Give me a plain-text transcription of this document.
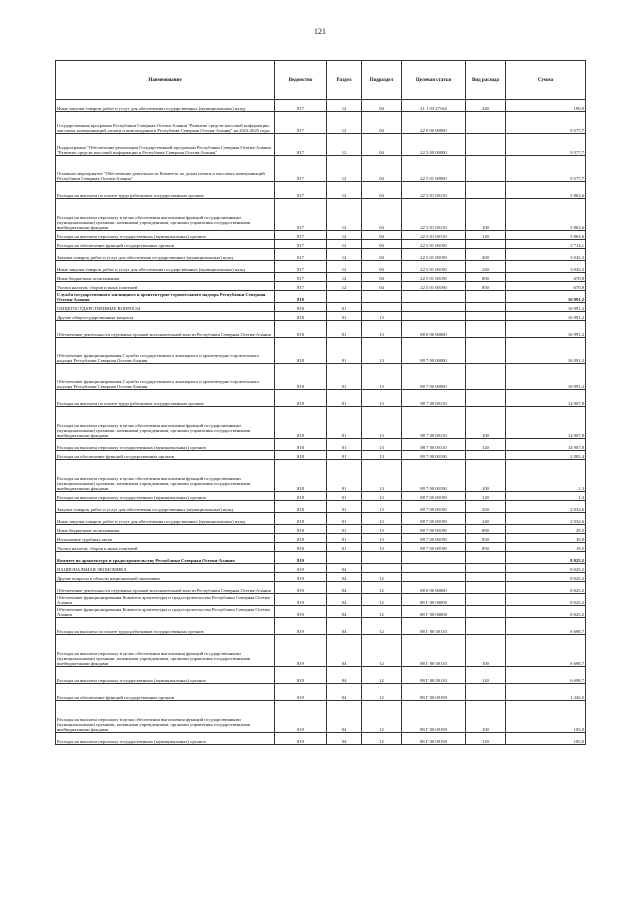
121
Наименование	Ведомство	Раздел	Подраздел	Целевая статья	Вид расхода	Сумма
Иные закупки товаров, работ и услуг для обеспечения государственных (муниципальных) нужд	817	12	04	21 1 03 27164	240	190,0
Государственная программа Республики Северная Осетия-Алания "Развитие средств массовой информации, массовых коммуникаций, печати и книгоиздания в Республике Северная Осетия-Алания" на 2023-2025 годы	817	12	04	22 0 00 00000		9 577,7
Подпрограмма "Обеспечение реализации Государственной программы Республики Северная Осетия-Алания "Развитие средств массовой информации в Республике Северная Осетия-Алания"	817	12	04	22 5 00 00000		9 577,7
Основное мероприятие "Обеспечение деятельности Комитета по делам печати и массовых коммуникаций Республики Северная Осетия-Алания"	817	12	04	22 5 01 00000		9 577,7
Расходы на выплаты по оплате труда работников государственных органов	817	12	04	22 5 01 00110		5 863,6
Расходы на выплаты персоналу в целях обеспечения выполнения функций государственными (муниципальными) органами, казенными учреждениями, органами управления государственными внебюджетными фондами	817	12	04	22 5 01 00110	100	5 863,6
Расходы на выплаты персоналу государственных (муниципальных) органов	817	12	04	22 5 01 00110	120	5 863,6
Расходы на обеспечение функций государственных органов	817	12	04	22 5 01 00190		3 714,1
Закупка товаров, работ и услуг для обеспечения государственных (муниципальных) нужд	817	12	04	22 5 01 00190	200	3 043,3
Иные закупки товаров, работ и услуг для обеспечения государственных (муниципальных) нужд	817	12	04	22 5 01 00190	240	3 043,3
Иные бюджетные ассигнования	817	12	04	22 5 01 00190	800	670,8
Уплата налогов, сборов и иных платежей	817	12	04	22 5 01 00190	850	670,8
Служба государственного жилищного и архитектурно-строительного надзора Республики Северная Осетия-Алания	818					16 991,2
ОБЩЕГОСУДАРСТВЕННЫЕ ВОПРОСЫ	818	01				16 991,2
Другие общегосударственные вопросы	818	01	13			16 991,2
Обеспечение деятельности отдельных органов исполнительной власти Республики Северная Осетия-Алания	818	01	13	88 0 00 00000		16 991,2
Обеспечение функционирования Службы государственного жилищного и архитектурно-строительного надзора Республики Северная Осетия-Алания	818	01	13	88 7 00 00000		16 991,2
Обеспечение функционирования Службы государственного жилищного и архитектурно-строительного надзора Республики Северная Осетия-Алания	818	01	13	88 7 00 00000		16 991,2
Расходы на выплаты по оплате труда работников государственных органов	818	01	13	88 7 00 00110		14 907,8
Расходы на выплаты персоналу в целях обеспечения выполнения функций государственными (муниципальными) органами, казенными учреждениями, органами управления государственными внебюджетными фондами	818	01	13	88 7 00 00110	100	14 907,8
Расходы на выплаты персоналу государственных (муниципальных) органов	818	01	13	88 7 00 00110	120	14 907,8
Расходы на обеспечение функций государственных органов	818	01	13	88 7 00 00190		2 083,4
Расходы на выплаты персоналу в целях обеспечения выполнения функций государственными (муниципальными) органами, казенными учреждениями, органами управления государственными внебюджетными фондами	818	01	13	88 7 00 00190	100	1,3
Расходы на выплаты персоналу государственных (муниципальных) органов	818	01	13	88 7 00 00190	120	1,3
Закупка товаров, работ и услуг для обеспечения государственных (муниципальных) нужд	818	01	13	88 7 00 00190	200	2 032,6
Иные закупки товаров, работ и услуг для обеспечения государственных (муниципальных) нужд	818	01	13	88 7 00 00190	240	2 032,6
Иные бюджетные ассигнования	818	01	13	88 7 00 00190	800	29,5
Исполнение судебных актов	818	01	13	88 7 00 00190	830	10,0
Уплата налогов, сборов и иных платежей	818	01	13	88 7 00 00190	850	19,5
Комитет по архитектуре и градостроительству Республики Северная Осетия-Алания	819					8 025,2
НАЦИОНАЛЬНАЯ ЭКОНОМИКА	819	04				8 025,2
Другие вопросы в области национальной экономики	819	04	12			8 025,2
Обеспечение деятельности отдельных органов исполнительной власти Республики Северная Осетия-Алания	819	04	12	88 0 00 00000		8 025,2
Обеспечение функционирования Комитета архитектуры и градостроительства Республики Северная Осетия-Алания	819	04	12	88 Г 00 00000		8 025,2
Обеспечение функционирования Комитета архитектуры и градостроительства Республики Северная Осетия-Алания	819	04	12	88 Г 00 00000		8 025,2
Расходы на выплаты по оплате труда работников государственных органов	819	04	12	88 Г 00 00110		6 698,7
Расходы на выплаты персоналу в целях обеспечения выполнения функций государственными (муниципальными) органами, казенными учреждениями, органами управления государственными внебюджетными фондами	819	04	12	88 Г 00 00110	100	6 698,7
Расходы на выплаты персоналу государственных (муниципальных) органов	819	04	12	88 Г 00 00110	120	6 698,7
Расходы на обеспечение функций государственных органов	819	04	12	88 Г 00 00190		1 326,5
Расходы на выплаты персоналу в целях обеспечения выполнения функций государственными (муниципальными) органами, казенными учреждениями, органами управления государственными внебюджетными фондами	819	04	12	88 Г 00 00190	100	105,0
Расходы на выплаты персоналу государственных (муниципальных) органов	819	04	12	88 Г 00 00190	120	105,0
